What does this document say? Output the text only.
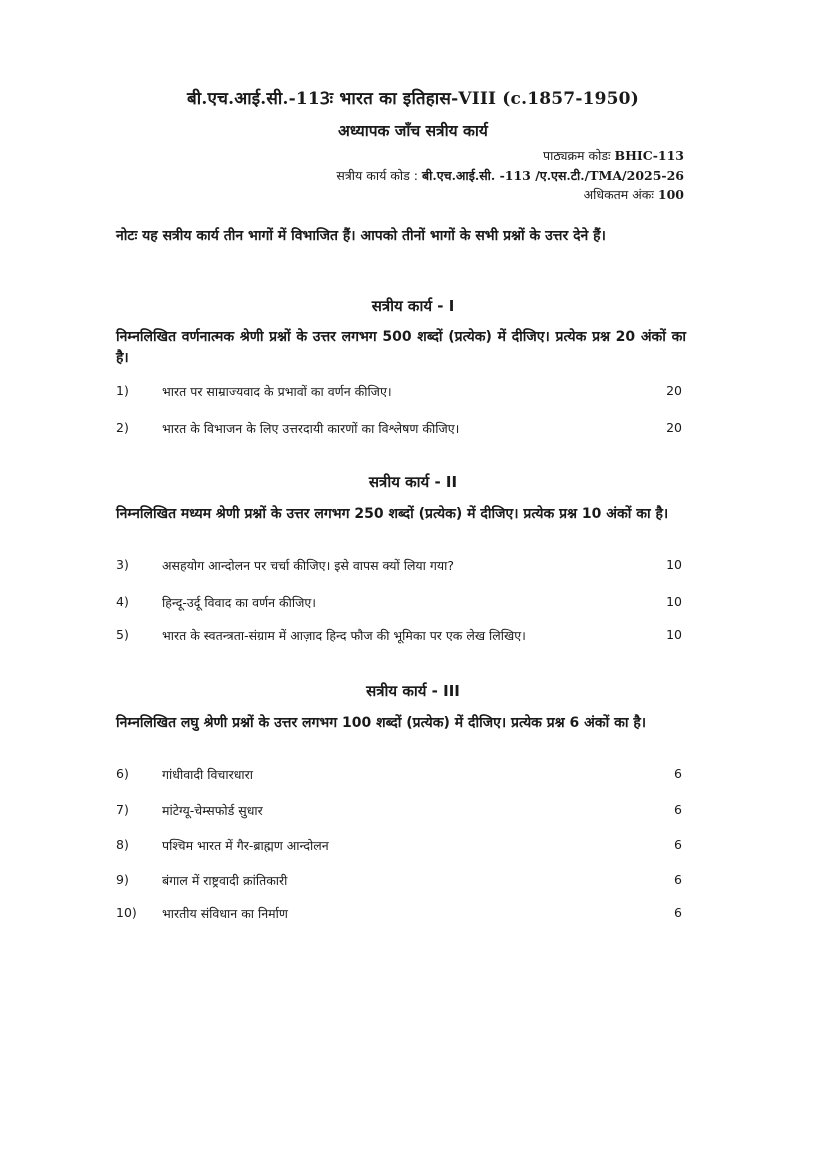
बी.एच.आई.सी.-113ः भारत का इतिहास-VIII (c.1857-1950)
अध्यापक जाँच सत्रीय कार्य
पाठ्यक्रम कोडः BHIC-113
सत्रीय कार्य कोड : बी.एच.आई.सी. -113 /ए.एस.टी./TMA/2025-26
अधिकतम अंकः 100
नोटः यह सत्रीय कार्य तीन भागों में विभाजित हैं। आपको तीनों भागों के सभी प्रश्नों के उत्तर देने हैं।
सत्रीय कार्य - I
निम्नलिखित वर्णनात्मक श्रेणी प्रश्नों के उत्तर लगभग 500 शब्दों (प्रत्येक) में दीजिए। प्रत्येक प्रश्न 20 अंकों का है।
1)	भारत पर साम्राज्यवाद के प्रभावों का वर्णन कीजिए।	20
2)	भारत के विभाजन के लिए उत्तरदायी कारणों का विश्लेषण कीजिए।	20
सत्रीय कार्य - II
निम्नलिखित मध्यम श्रेणी प्रश्नों के उत्तर लगभग 250 शब्दों (प्रत्येक) में दीजिए। प्रत्येक प्रश्न 10 अंकों का है।
3)	असहयोग आन्दोलन पर चर्चा कीजिए। इसे वापस क्यों लिया गया?	10
4)	हिन्दू-उर्दू विवाद का वर्णन कीजिए।	10
5)	भारत के स्वतन्त्रता-संग्राम में आज़ाद हिन्द फौज की भूमिका पर एक लेख लिखिए।	10
सत्रीय कार्य - III
निम्नलिखित लघु श्रेणी प्रश्नों के उत्तर लगभग 100 शब्दों (प्रत्येक) में दीजिए। प्रत्येक प्रश्न 6 अंकों का है।
6)	गांधीवादी विचारधारा	6
7)	मांटेग्यू-चेम्सफोर्ड सुधार	6
8)	पश्चिम भारत में गैर-ब्राह्मण आन्दोलन	6
9)	बंगाल में राष्ट्रवादी क्रांतिकारी	6
10) भारतीय संविधान का निर्माण	6
